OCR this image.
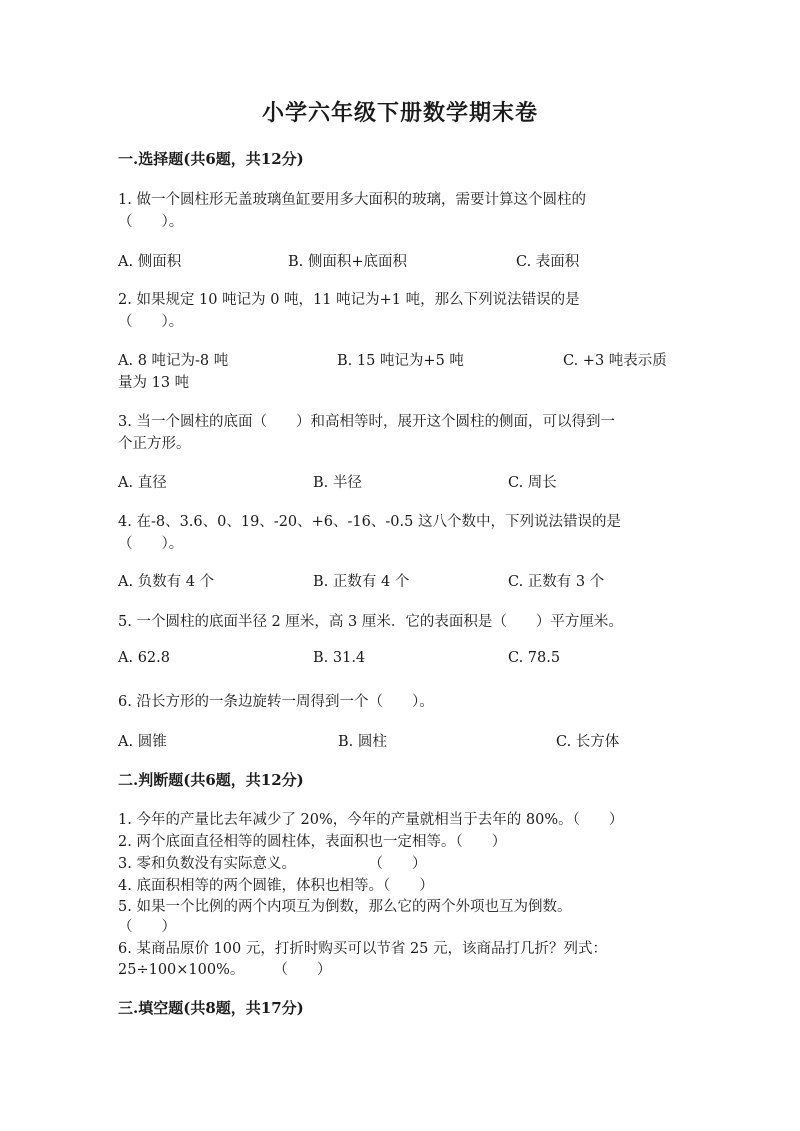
小学六年级下册数学期末卷
一.选择题(共6题，共12分)
1. 做一个圆柱形无盖玻璃鱼缸要用多大面积的玻璃，需要计算这个圆柱的
（　　）。
A. 侧面积	B. 侧面积+底面积	C. 表面积
2. 如果规定 10 吨记为 0 吨，11 吨记为+1 吨，那么下列说法错误的是
（　　）。
A. 8 吨记为-8 吨	B. 15 吨记为+5 吨	C. +3 吨表示质
量为 13 吨
3. 当一个圆柱的底面（　　）和高相等时，展开这个圆柱的侧面，可以得到一
个正方形。
A. 直径	B. 半径	C. 周长
4. 在-8、3.6、0、19、-20、+6、-16、-0.5 这八个数中，下列说法错误的是
（　　）。
A. 负数有 4 个	B. 正数有 4 个	C. 正数有 3 个
5. 一个圆柱的底面半径 2 厘米，高 3 厘米．它的表面积是（　　）平方厘米。
A. 62.8	B. 31.4	C. 78.5
6. 沿长方形的一条边旋转一周得到一个（　　）。
A. 圆锥	B. 圆柱	C. 长方体
二.判断题(共6题，共12分)
1. 今年的产量比去年减少了 20%，今年的产量就相当于去年的 80%。（　　）
2. 两个底面直径相等的圆柱体，表面积也一定相等。（　　）
3. 零和负数没有实际意义。　　　　　　（　　）
4. 底面积相等的两个圆锥，体积也相等。（　　）
5. 如果一个比例的两个内项互为倒数，那么它的两个外项也互为倒数。
（　　）
6. 某商品原价 100 元，打折时购买可以节省 25 元，该商品打几折？列式：
25÷100×100%。　　　（　　）
三.填空题(共8题，共17分)
